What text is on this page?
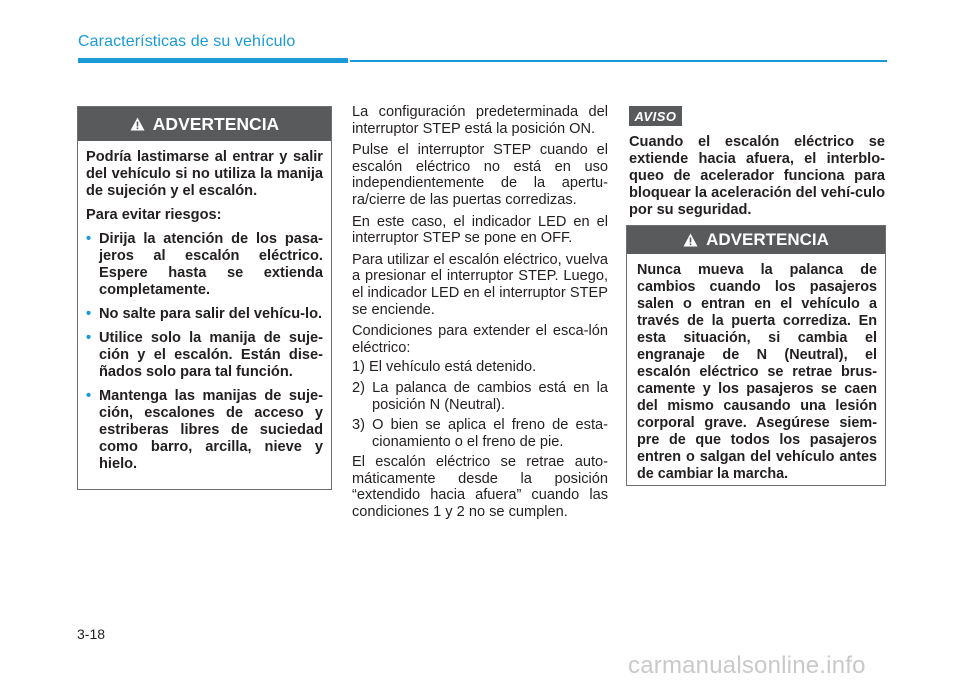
Características de su vehículo
ADVERTENCIA

Podría lastimarse al entrar y salir del vehículo si no utiliza la manija de sujeción y el escalón.

Para evitar riesgos:

• Dirija la atención de los pasa-jeros al escalón eléctrico. Espere hasta se extienda completamente.
• No salte para salir del vehícu-lo.
• Utilice solo la manija de suje-ción y el escalón. Están dise-ñados solo para tal función.
• Mantenga las manijas de suje-ción, escalones de acceso y estriberas libres de suciedad como barro, arcilla, nieve y hielo.

La configuración predeterminada del interruptor STEP está la posición ON.

Pulse el interruptor STEP cuando el escalón eléctrico no está en uso independientemente de la apertu-ra/cierre de las puertas corredizas.

En este caso, el indicador LED en el interruptor STEP se pone en OFF.

Para utilizar el escalón eléctrico, vuelva a presionar el interruptor STEP. Luego, el indicador LED en el interruptor STEP se enciende.

Condiciones para extender el esca-lón eléctrico:

1) El vehículo está detenido.

2) La palanca de cambios está en la posición N (Neutral).

3) O bien se aplica el freno de esta-cionamiento o el freno de pie.

El escalón eléctrico se retrae auto-máticamente desde la posición “extendido hacia afuera” cuando las condiciones 1 y 2 no se cumplen.

AVISO
Cuando el escalón eléctrico se extiende hacia afuera, el interblo-queo de acelerador funciona para bloquear la aceleración del vehí-culo por su seguridad.
ADVERTENCIA

Nunca mueva la palanca de cambios cuando los pasajeros salen o entran en el vehículo a través de la puerta corrediza. En esta situación, si cambia el engranaje de N (Neutral), el escalón eléctrico se retrae brus-camente y los pasajeros se caen del mismo causando una lesión corporal grave. Asegúrese siem-pre de que todos los pasajeros entren o salgan del vehículo antes de cambiar la marcha.

3-18
carmanualsonline.info
